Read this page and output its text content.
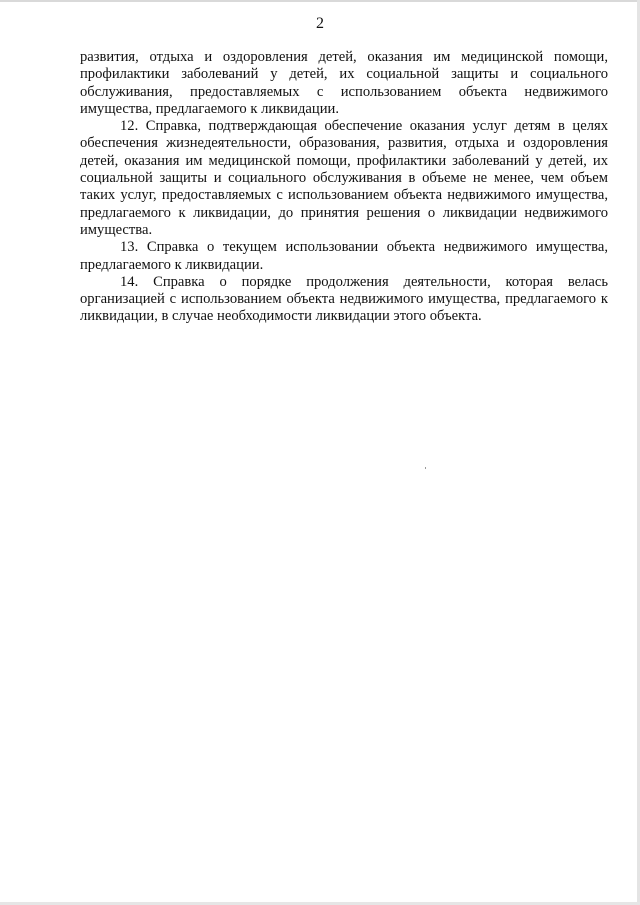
2

развития, отдыха и оздоровления детей, оказания им медицинской помощи, профилактики заболеваний у детей, их социальной защиты и социального обслуживания, предоставляемых с использованием объекта недвижимого имущества, предлагаемого к ликвидации.

12. Справка, подтверждающая обеспечение оказания услуг детям в целях обеспечения жизнедеятельности, образования, развития, отдыха и оздоровления детей, оказания им медицинской помощи, профилактики заболеваний у детей, их социальной защиты и социального обслуживания в объеме не менее, чем объем таких услуг, предоставляемых с использованием объекта недвижимого имущества, предлагаемого к ликвидации, до принятия решения о ликвидации недвижимого имущества.

13. Справка о текущем использовании объекта недвижимого имущества, предлагаемого к ликвидации.

14. Справка о порядке продолжения деятельности, которая велась организацией с использованием объекта недвижимого имущества, предлагаемого к ликвидации, в случае необходимости ликвидации этого объекта.
